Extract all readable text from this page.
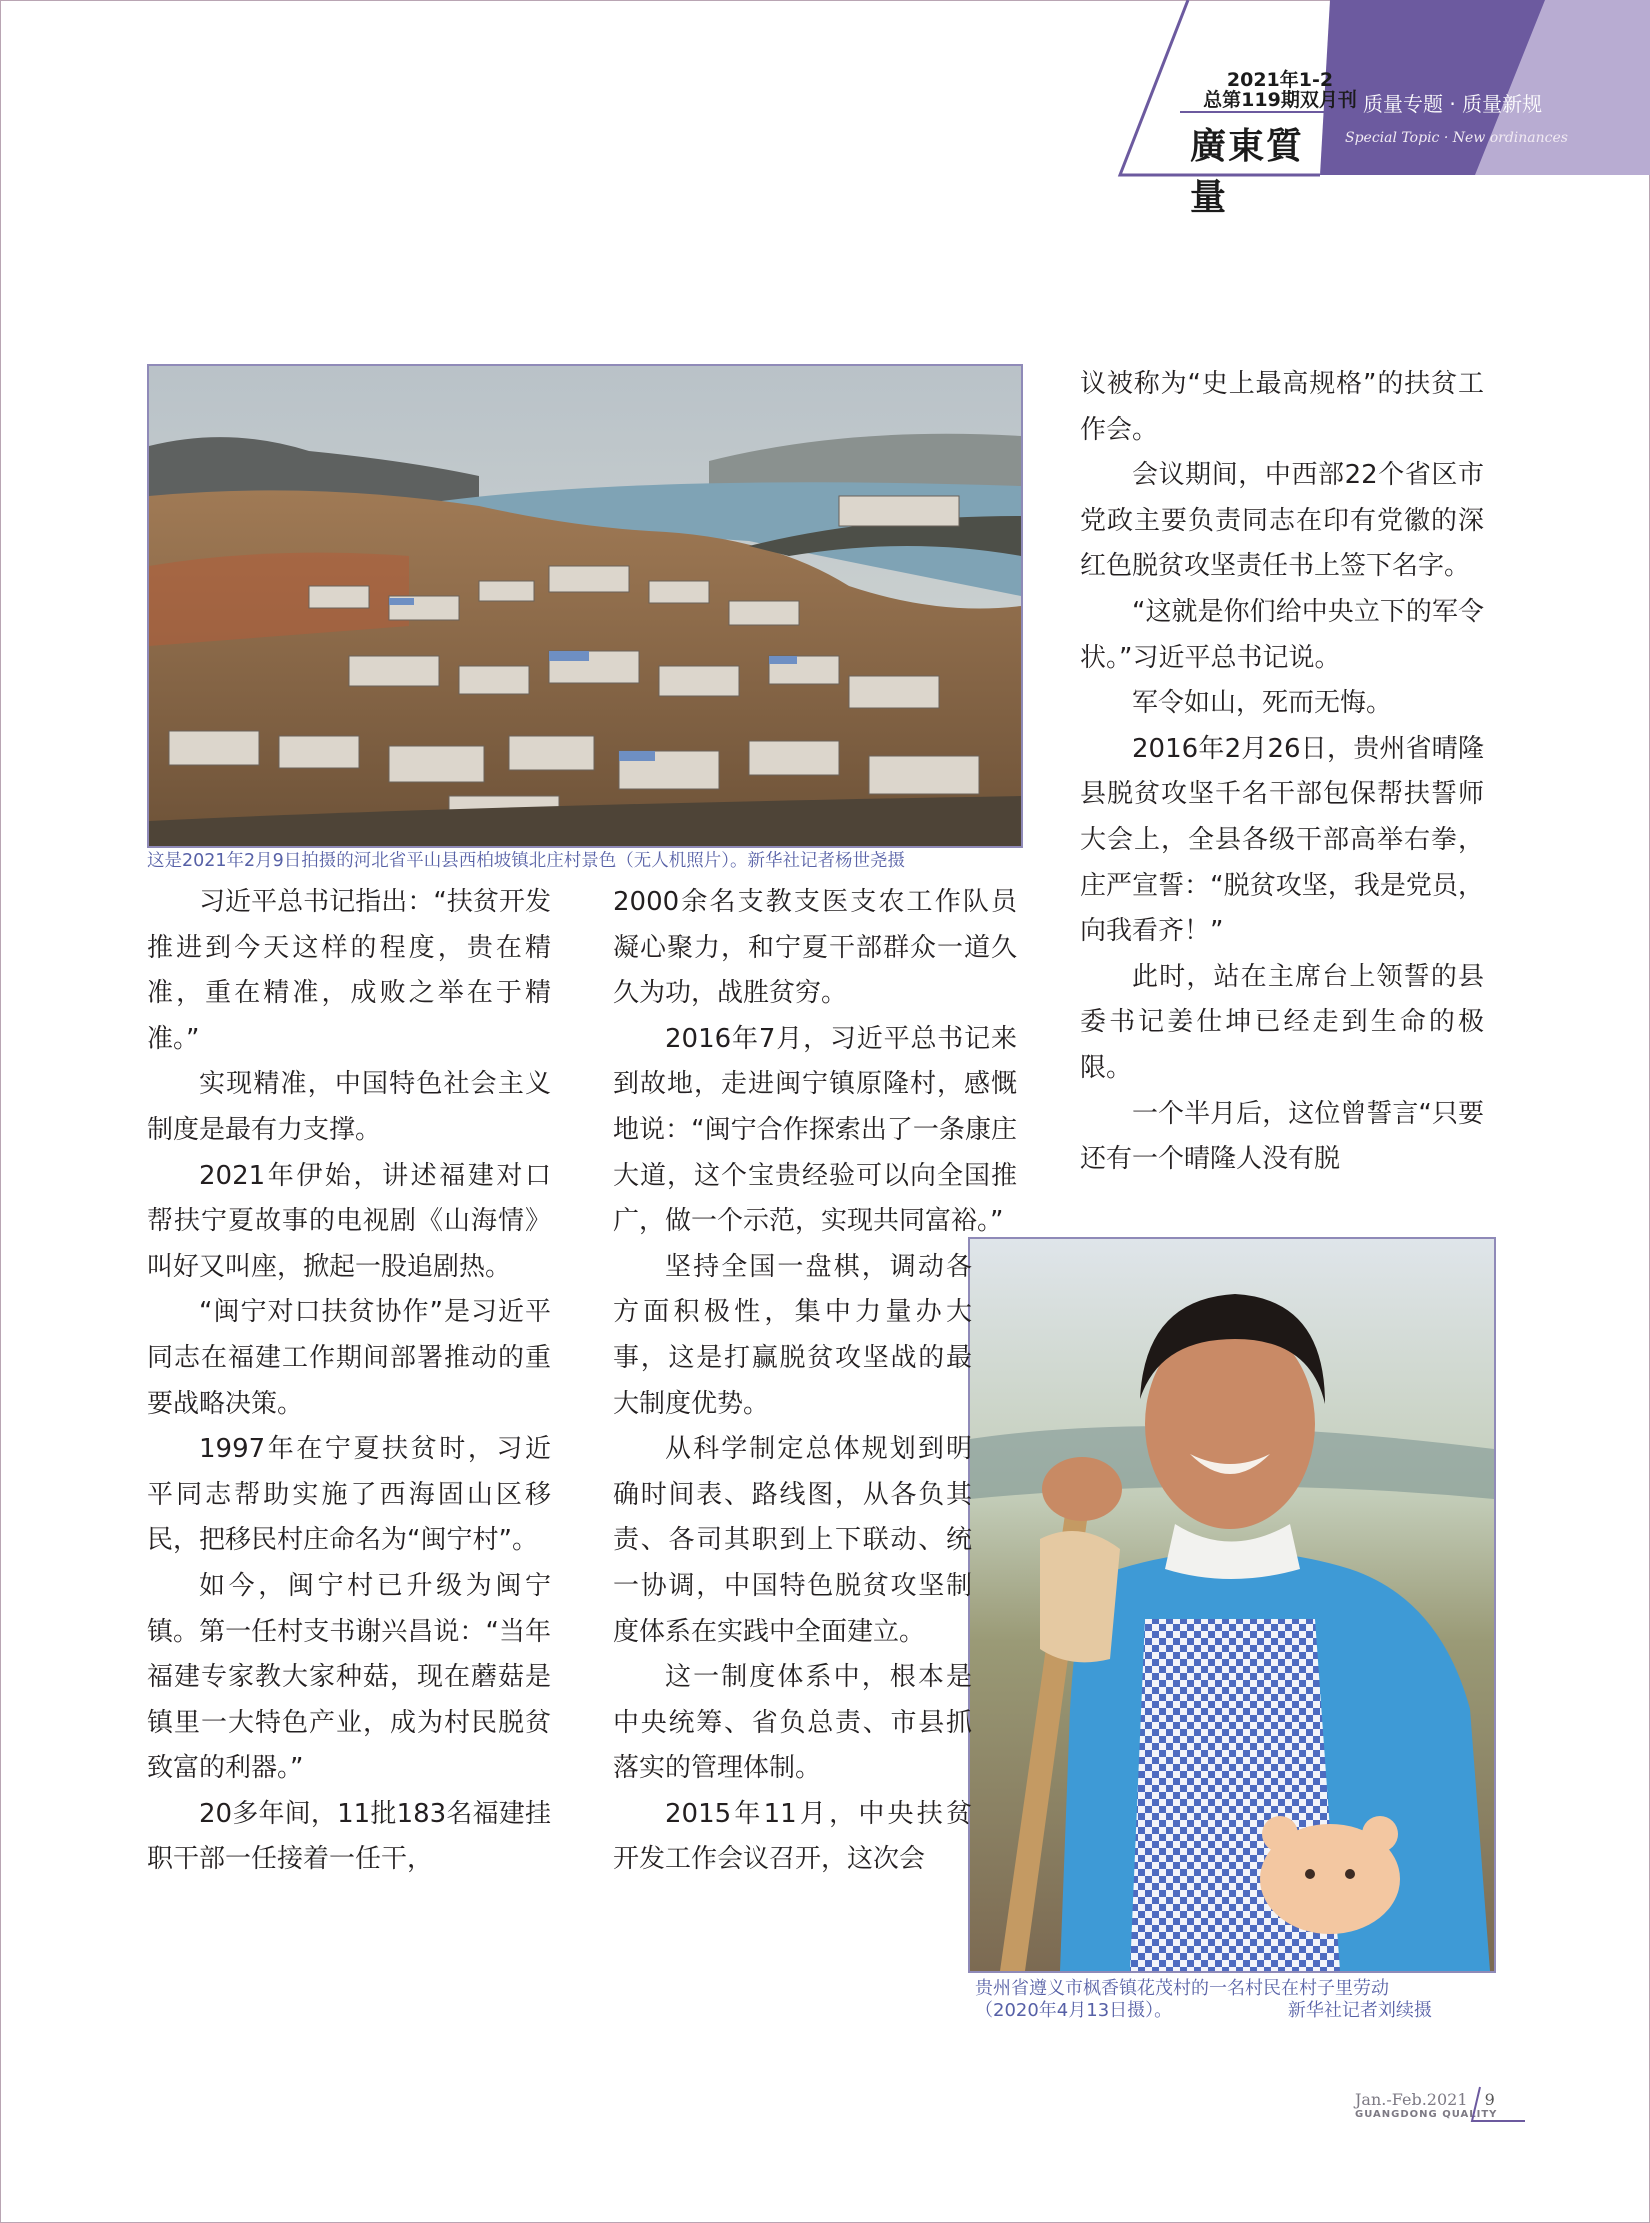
2021年1-2
总第119期双月刊
廣東質量
质量专题 · 质量新规
Special Topic · New ordinances
这是2021年2月9日拍摄的河北省平山县西柏坡镇北庄村景色（无人机照片）。新华社记者杨世尧摄
贵州省遵义市枫香镇花茂村的一名村民在村子里劳动
（2020年4月13日摄）。	新华社记者刘续摄

习近平总书记指出：“扶贫开发推进到今天这样的程度，贵在精准，重在精准，成败之举在于精准。”

实现精准，中国特色社会主义制度是最有力支撑。

2021年伊始，讲述福建对口帮扶宁夏故事的电视剧《山海情》叫好又叫座，掀起一股追剧热。

“闽宁对口扶贫协作”是习近平同志在福建工作期间部署推动的重要战略决策。

1997年在宁夏扶贫时，习近平同志帮助实施了西海固山区移民，把移民村庄命名为“闽宁村”。

如今，闽宁村已升级为闽宁镇。第一任村支书谢兴昌说：“当年福建专家教大家种菇，现在蘑菇是镇里一大特色产业，成为村民脱贫致富的利器。”

20多年间，11批183名福建挂职干部一任接着一任干，

2000余名支教支医支农工作队员凝心聚力，和宁夏干部群众一道久久为功，战胜贫穷。

2016年7月，习近平总书记来到故地，走进闽宁镇原隆村，感慨地说：“闽宁合作探索出了一条康庄大道，这个宝贵经验可以向全国推广，做一个示范，实现共同富裕。”

坚持全国一盘棋，调动各方面积极性，集中力量办大事，这是打赢脱贫攻坚战的最大制度优势。

从科学制定总体规划到明确时间表、路线图，从各负其责、各司其职到上下联动、统一协调，中国特色脱贫攻坚制度体系在实践中全面建立。

这一制度体系中，根本是中央统筹、省负总责、市县抓落实的管理体制。

2015年11月，中央扶贫开发工作会议召开，这次会

议被称为“史上最高规格”的扶贫工作会。

会议期间，中西部22个省区市党政主要负责同志在印有党徽的深红色脱贫攻坚责任书上签下名字。

“这就是你们给中央立下的军令状。”习近平总书记说。

军令如山，死而无悔。

2016年2月26日，贵州省晴隆县脱贫攻坚千名干部包保帮扶誓师大会上，全县各级干部高举右拳，庄严宣誓：“脱贫攻坚，我是党员，向我看齐！”

此时，站在主席台上领誓的县委书记姜仕坤已经走到生命的极限。

一个半月后，这位曾誓言“只要还有一个晴隆人没有脱

Jan.-Feb.2021 9
GUANGDONG QUALITY
